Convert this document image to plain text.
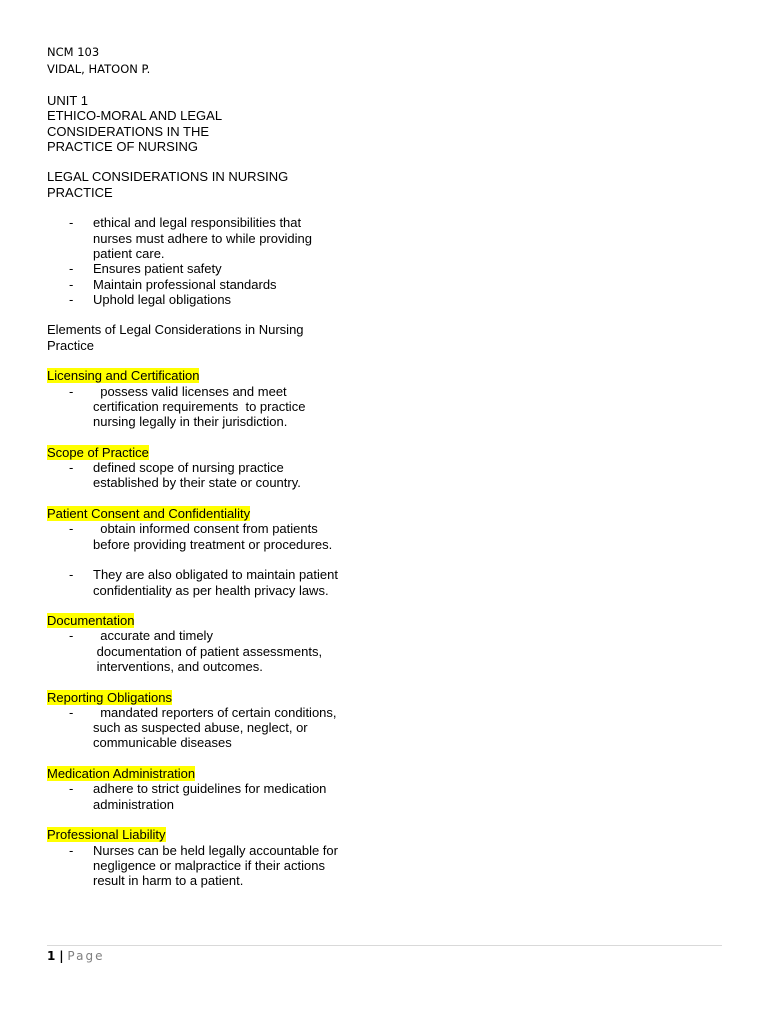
NCM 103
VIDAL, HATOON P.
UNIT 1
ETHICO-MORAL AND LEGAL
CONSIDERATIONS IN THE
PRACTICE OF NURSING
LEGAL CONSIDERATIONS IN NURSING
PRACTICE
- ethical and legal responsibilities that
nurses must adhere to while providing
patient care.
- Ensures patient safety
- Maintain professional standards
- Uphold legal obligations
Elements of Legal Considerations in Nursing
Practice
Licensing and Certification
- possess valid licenses and meet
certification requirements  to practice
nursing legally in their jurisdiction.
Scope of Practice
- defined scope of nursing practice
established by their state or country.
Patient Consent and Confidentiality
- obtain informed consent from patients
before providing treatment or procedures.
- They are also obligated to maintain patient
confidentiality as per health privacy laws.
Documentation
- accurate and timely
documentation of patient assessments,
interventions, and outcomes.
Reporting Obligations
- mandated reporters of certain conditions,
such as suspected abuse, neglect, or
communicable diseases
Medication Administration
- adhere to strict guidelines for medication
administration
Professional Liability
- Nurses can be held legally accountable for
negligence or malpractice if their actions
result in harm to a patient.
1 | Page
